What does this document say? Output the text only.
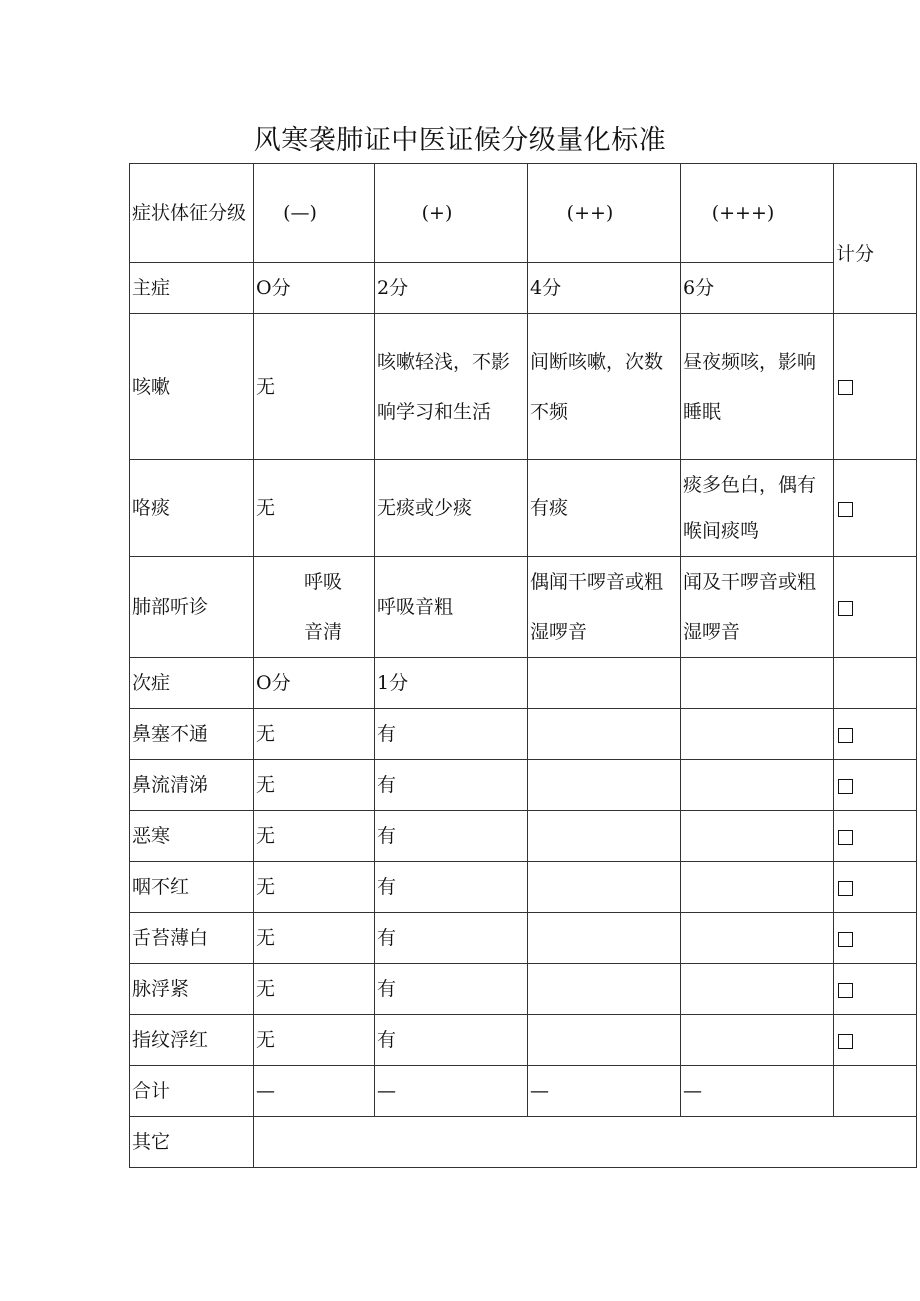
风寒袭肺证中医证候分级量化标准
症状体征分级	(—)	(+)	(++)	(+++)	计分
主症	O分	2分	4分	6分	
咳嗽	无	咳嗽轻浅，不影响学习和生活	间断咳嗽，次数不频	昼夜频咳，影响睡眠	
咯痰	无	无痰或少痰	有痰	痰多色白，偶有喉间痰鸣	
肺部听诊	呼吸音清	呼吸音粗	偶闻干啰音或粗湿啰音	闻及干啰音或粗湿啰音	
次症	O分	1分			
鼻塞不通	无	有			
鼻流清涕	无	有			
恶寒	无	有			
咽不红	无	有			
舌苔薄白	无	有			
脉浮紧	无	有			
指纹浮红	无	有			
合计	—	—	—	—	
其它					
